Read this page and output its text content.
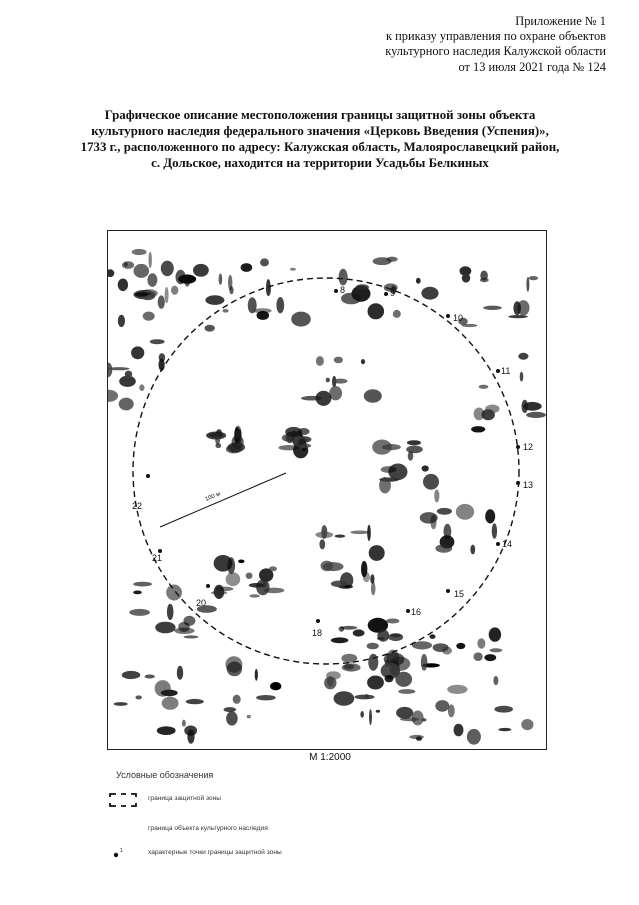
Приложение № 1
к приказу управления по охране объектов
культурного наследия Калужской области
от 13 июля 2021 года № 124
Графическое описание местоположения границы защитной зоны объекта
культурного наследия федерального значения «Церковь Введения (Успения)»,
1733 г., расположенного по адресу: Калужская область, Малоярославецкий район,
с. Дольское, находится на территории Усадьбы Белкиных
100 м
8	9
10
11
12
13
14
15
16
18
20
21
22
М 1:2000
Условные обозначения
граница защитной зоны
граница объекта культурного наследия
1	характерные точки границы защитной зоны
